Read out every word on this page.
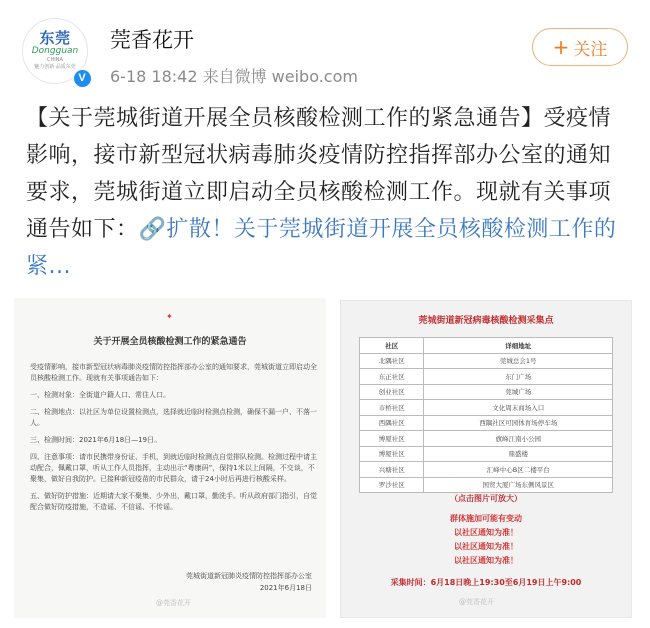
东莞
Dongguan
CHINA
魅力创新·品质东莞
V
莞香花开
6-18 18:42 来自微博 weibo.com
+ 关注
【关于莞城街道开展全员核酸检测工作的紧急通告】受疫情影响，接市新型冠状病毒肺炎疫情防控指挥部办公室的通知要求，莞城街道立即启动全员核酸检测工作。现就有关事项通告如下：🔗扩散！关于莞城街道开展全员核酸检测工作的紧...
✦
关于开展全员核酸检测工作的紧急通告

受疫情影响，接市新型冠状病毒肺炎疫情防控指挥部办公室的通知要求，莞城街道立即启动全员核酸检测工作。现就有关事项通告如下：

一、检测对象：全街道户籍人口、常住人口。

二、检测地点：以社区为单位设置检测点，选择就近临时检测点检测，确保不漏一户、不落一人。

三、检测时间：2021年6月18日—19日。

四、注意事项：请市民携带身份证、手机，到就近临时检测点自觉排队检测。检测过程中请主动配合，佩戴口罩，听从工作人员指挥，主动出示“粤康码”，保持1米以上间隔，不交谈，不聚集，做好自我防护。已接种新冠疫苗的市民群众，请于24小时后再进行核酸采样。

五、做好防护措施：近期请大家不聚集、少外出，戴口罩，勤洗手。听从政府部门指引，自觉配合做好防疫措施，不造谣、不信谣、不传谣。

莞城街道新冠肺炎疫情防控指挥部办公室
2021年6月18日
@莞香花开
莞城街道新冠病毒核酸检测采集点
社区	详细地址
北隅社区	莞城总会1号
东正社区	东门广场
创业社区	莞城广场
市桥社区	文化周末商场入口
西隅社区	西隅社区可园体育场停车场
博厦社区	旗峰江南小公园
博厦社区	鼎盛楼
兴塘社区	汇峰中心B区二楼平台
罗沙社区	国贸大厦广场东侧风景区
（点击图片可放大）
群体施加可能有变动
以社区通知为准！
以社区通知为准！
以社区通知为准！
采集时间：6月18日晚上19:30至6月19日上午9:00
@莞香花开
